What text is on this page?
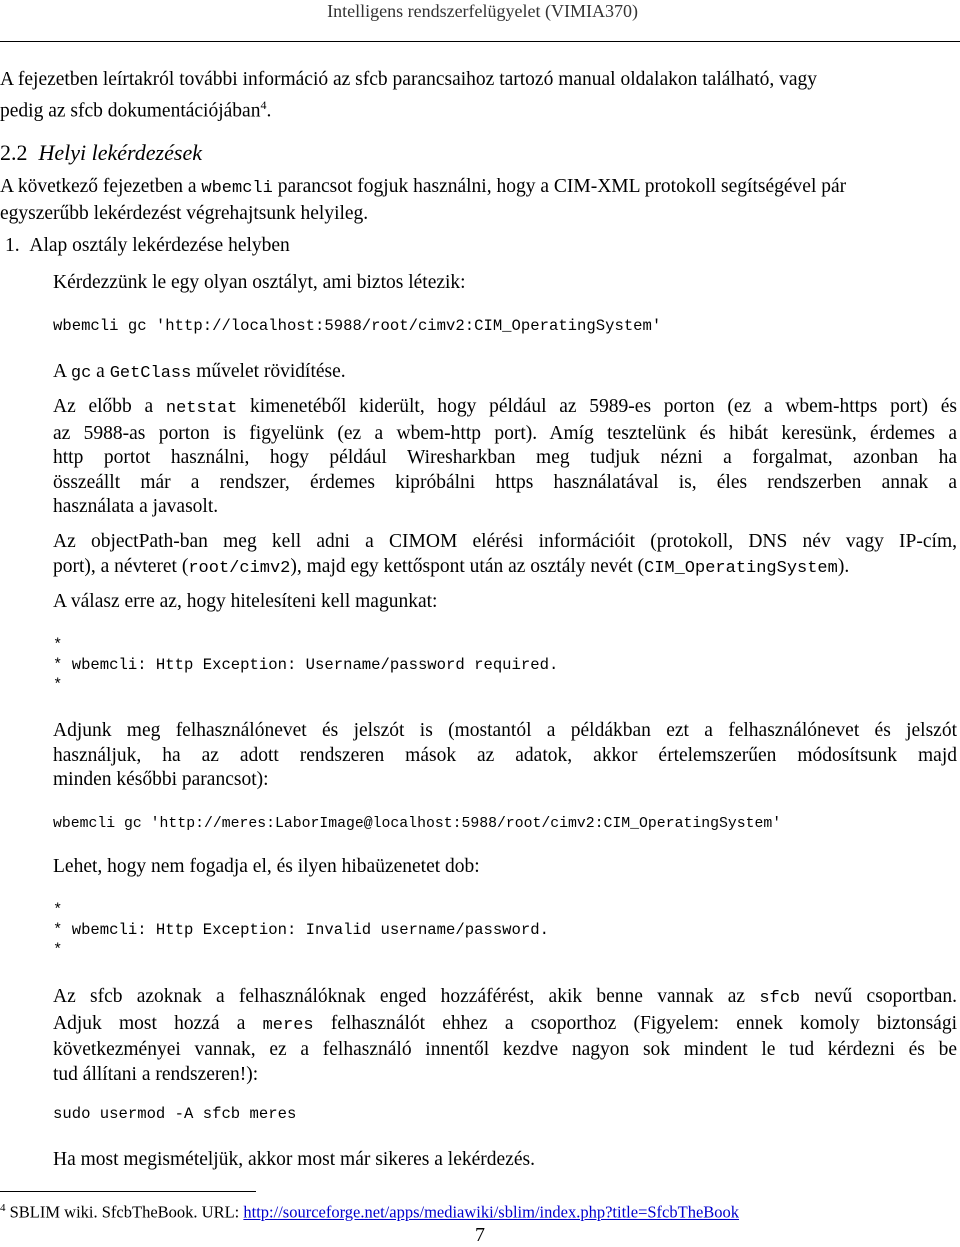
Intelligens rendszerfelügyelet (VIMIA370)
A fejezetben leírtakról további információ az sfcb parancsaihoz tartozó manual oldalakon található, vagy
pedig az sfcb dokumentációjában$^4$.
2.2 Helyi lekérdezések
A következő fejezetben a wbemcli parancsot fogjuk használni, hogy a CIM-XML protokoll segítségével pár
egyszerűbb lekérdezést végrehajtsunk helyileg.
1. Alap osztály lekérdezése helyben
Kérdezzünk le egy olyan osztályt, ami biztos létezik:
wbemcli gc 'http://localhost:5988/root/cimv2:CIM_OperatingSystem'
A gc a GetClass művelet rövidítése.
Az előbb a netstat kimenetéből kiderült, hogy például az 5989-es porton (ez a wbem-https port) és
az 5988-as porton is figyelünk (ez a wbem-http port). Amíg tesztelünk és hibát keresünk, érdemes a
http portot használni, hogy például Wiresharkban meg tudjuk nézni a forgalmat, azonban ha
összeállt már a rendszer, érdemes kipróbálni https használatával is, éles rendszerben annak a
használata a javasolt.
Az objectPath-ban meg kell adni a CIMOM elérési információit (protokoll, DNS név vagy IP-cím,
port), a névteret (root/cimv2), majd egy kettőspont után az osztály nevét (CIM_OperatingSystem).
A válasz erre az, hogy hitelesíteni kell magunkat:
*
* wbemcli: Http Exception: Username/password required.
*
Adjunk meg felhasználónevet és jelszót is (mostantól a példákban ezt a felhasználónevet és jelszót
használjuk, ha az adott rendszeren mások az adatok, akkor értelemszerűen módosítsunk majd
minden későbbi parancsot):
wbemcli gc 'http://meres:LaborImage@localhost:5988/root/cimv2:CIM_OperatingSystem'
Lehet, hogy nem fogadja el, és ilyen hibaüzenetet dob:
*
* wbemcli: Http Exception: Invalid username/password.
*
Az sfcb azoknak a felhasználóknak enged hozzáférést, akik benne vannak az sfcb nevű csoportban.
Adjuk most hozzá a meres felhasználót ehhez a csoporthoz (Figyelem: ennek komoly biztonsági
következményei vannak, ez a felhasználó innentől kezdve nagyon sok mindent le tud kérdezni és be
tud állítani a rendszeren!):
sudo usermod -A sfcb meres
Ha most megismételjük, akkor most már sikeres a lekérdezés.
$^4$ SBLIM wiki. SfcbTheBook. URL: http://sourceforge.net/apps/mediawiki/sblim/index.php?title=SfcbTheBook
7
